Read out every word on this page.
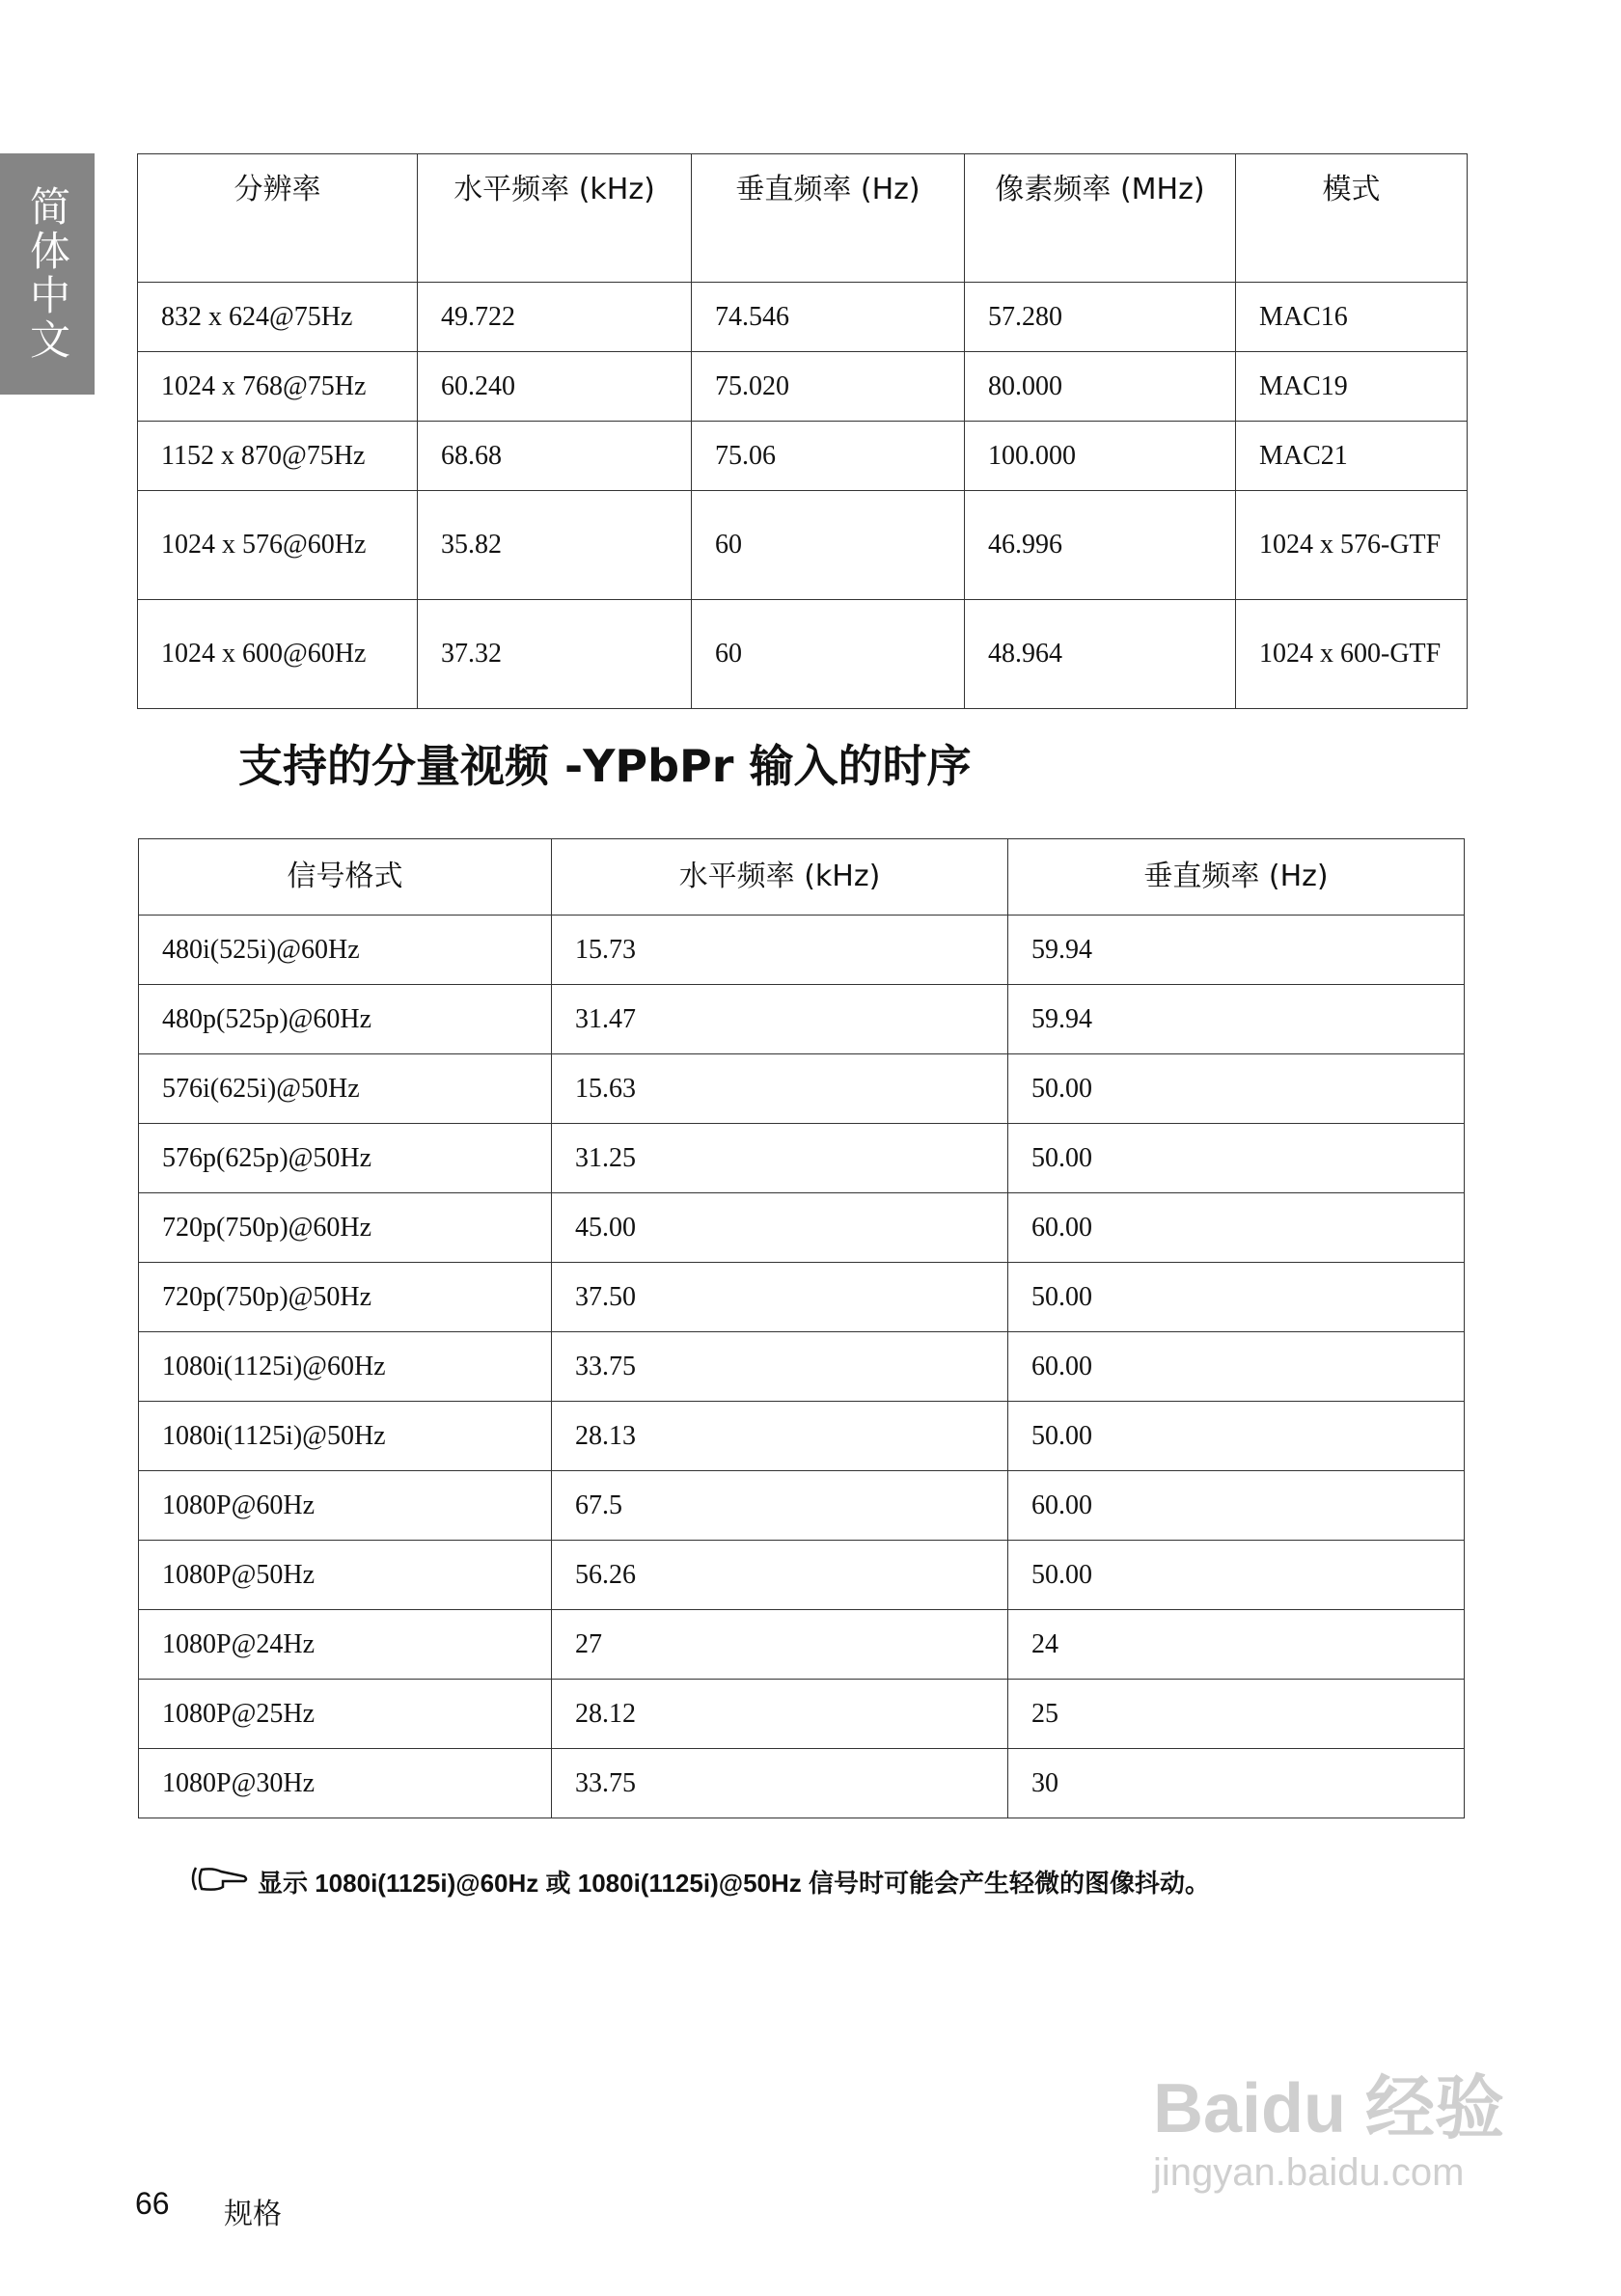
简体中文	分辨率	水平频率 (kHz)	垂直频率 (Hz)	像素频率 (MHz)	模式
832 x 624@75Hz	49.722	74.546	57.280	MAC16
1024 x 768@75Hz	60.240	75.020	80.000	MAC19
1152 x 870@75Hz	68.68	75.06	100.000	MAC21
1024 x 576@60Hz	35.82	60	46.996	1024 x 576-GTF
1024 x 600@60Hz	37.32	60	48.964	1024 x 600-GTF
支持的分量视频 -YPbPr 输入的时序
信号格式	水平频率 (kHz)	垂直频率 (Hz)
480i(525i)@60Hz	15.73	59.94
480p(525p)@60Hz	31.47	59.94
576i(625i)@50Hz	15.63	50.00
576p(625p)@50Hz	31.25	50.00
720p(750p)@60Hz	45.00	60.00
720p(750p)@50Hz	37.50	50.00
1080i(1125i)@60Hz	33.75	60.00
1080i(1125i)@50Hz	28.13	50.00
1080P@60Hz	67.5	60.00
1080P@50Hz	56.26	50.00
1080P@24Hz	27	24
1080P@25Hz	28.12	25
1080P@30Hz	33.75	30
显示 1080i(1125i)@60Hz 或 1080i(1125i)@50Hz 信号时可能会产生轻微的图像抖动。
66 规格
Baidu 经验
jingyan.baidu.com
